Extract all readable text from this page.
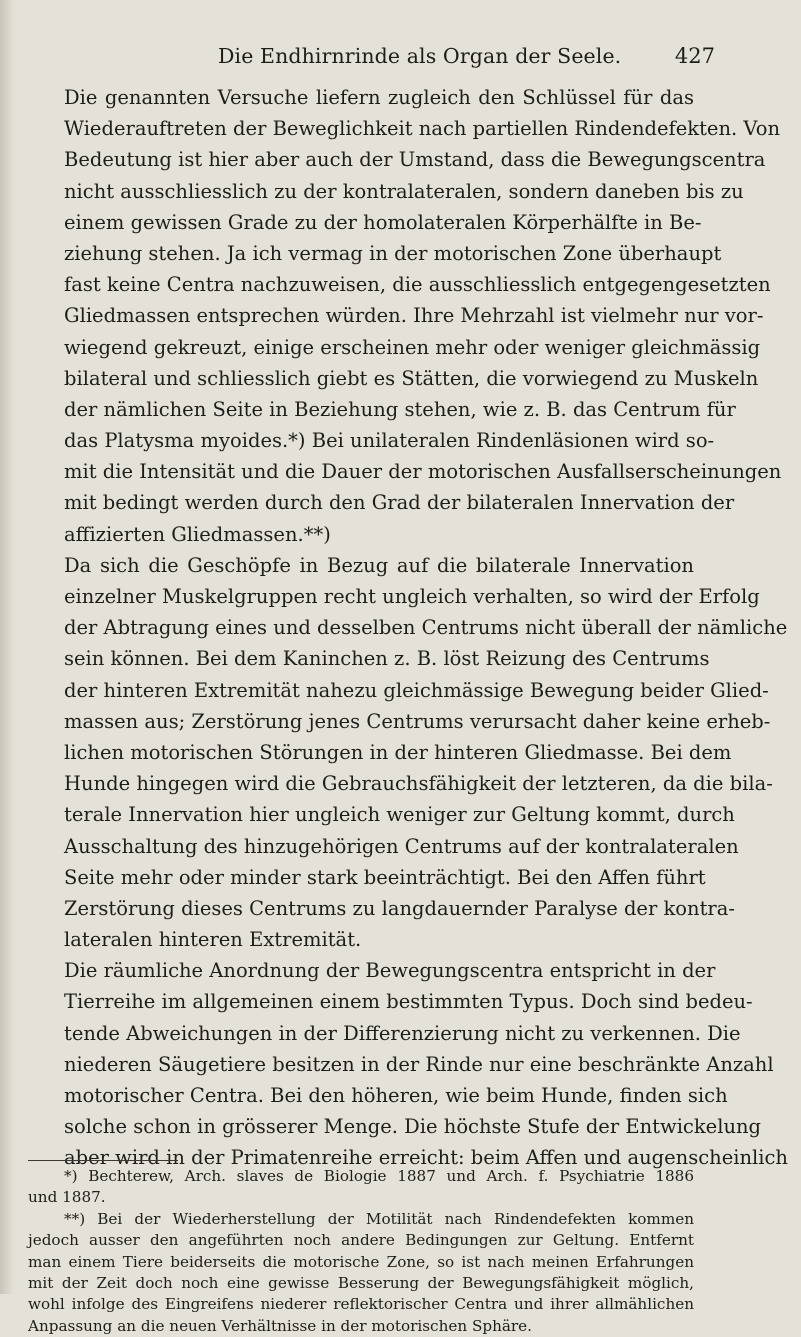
Die Endhirnrinde als Organ der Seele.	427
Die genannten Versuche liefern zugleich den Schlüssel für das
Wiederauftreten der Beweglichkeit nach partiellen Rindendefekten. Von
Bedeutung ist hier aber auch der Umstand, dass die Bewegungscentra
nicht ausschliesslich zu der kontralateralen, sondern daneben bis zu
einem gewissen Grade zu der homolateralen Körperhälfte in Be-
ziehung stehen. Ja ich vermag in der motorischen Zone überhaupt
fast keine Centra nachzuweisen, die ausschliesslich entgegengesetzten
Gliedmassen entsprechen würden. Ihre Mehrzahl ist vielmehr nur vor-
wiegend gekreuzt, einige erscheinen mehr oder weniger gleichmässig
bilateral und schliesslich giebt es Stätten, die vorwiegend zu Muskeln
der nämlichen Seite in Beziehung stehen, wie z. B. das Centrum für
das Platysma myoides.*) Bei unilateralen Rindenläsionen wird so-
mit die Intensität und die Dauer der motorischen Ausfallserscheinungen
mit bedingt werden durch den Grad der bilateralen Innervation der
affizierten Gliedmassen.**)
Da sich die Geschöpfe in Bezug auf die bilaterale Innervation
einzelner Muskelgruppen recht ungleich verhalten, so wird der Erfolg
der Abtragung eines und desselben Centrums nicht überall der nämliche
sein können. Bei dem Kaninchen z. B. löst Reizung des Centrums
der hinteren Extremität nahezu gleichmässige Bewegung beider Glied-
massen aus; Zerstörung jenes Centrums verursacht daher keine erheb-
lichen motorischen Störungen in der hinteren Gliedmasse. Bei dem
Hunde hingegen wird die Gebrauchsfähigkeit der letzteren, da die bila-
terale Innervation hier ungleich weniger zur Geltung kommt, durch
Ausschaltung des hinzugehörigen Centrums auf der kontralateralen
Seite mehr oder minder stark beeinträchtigt. Bei den Affen führt
Zerstörung dieses Centrums zu langdauernder Paralyse der kontra-
lateralen hinteren Extremität.
Die räumliche Anordnung der Bewegungscentra entspricht in der
Tierreihe im allgemeinen einem bestimmten Typus. Doch sind bedeu-
tende Abweichungen in der Differenzierung nicht zu verkennen. Die
niederen Säugetiere besitzen in der Rinde nur eine beschränkte Anzahl
motorischer Centra. Bei den höheren, wie beim Hunde, finden sich
solche schon in grösserer Menge. Die höchste Stufe der Entwickelung
aber wird in der Primatenreihe erreicht: beim Affen und augenscheinlich
*) Bechterew, Arch. slaves de Biologie 1887 und Arch. f. Psychiatrie 1886
und 1887.
**) Bei der Wiederherstellung der Motilität nach Rindendefekten kommen
jedoch ausser den angeführten noch andere Bedingungen zur Geltung. Entfernt
man einem Tiere beiderseits die motorische Zone, so ist nach meinen Erfahrungen
mit der Zeit doch noch eine gewisse Besserung der Bewegungsfähigkeit möglich,
wohl infolge des Eingreifens niederer reflektorischer Centra und ihrer allmählichen
Anpassung an die neuen Verhältnisse in der motorischen Sphäre.
